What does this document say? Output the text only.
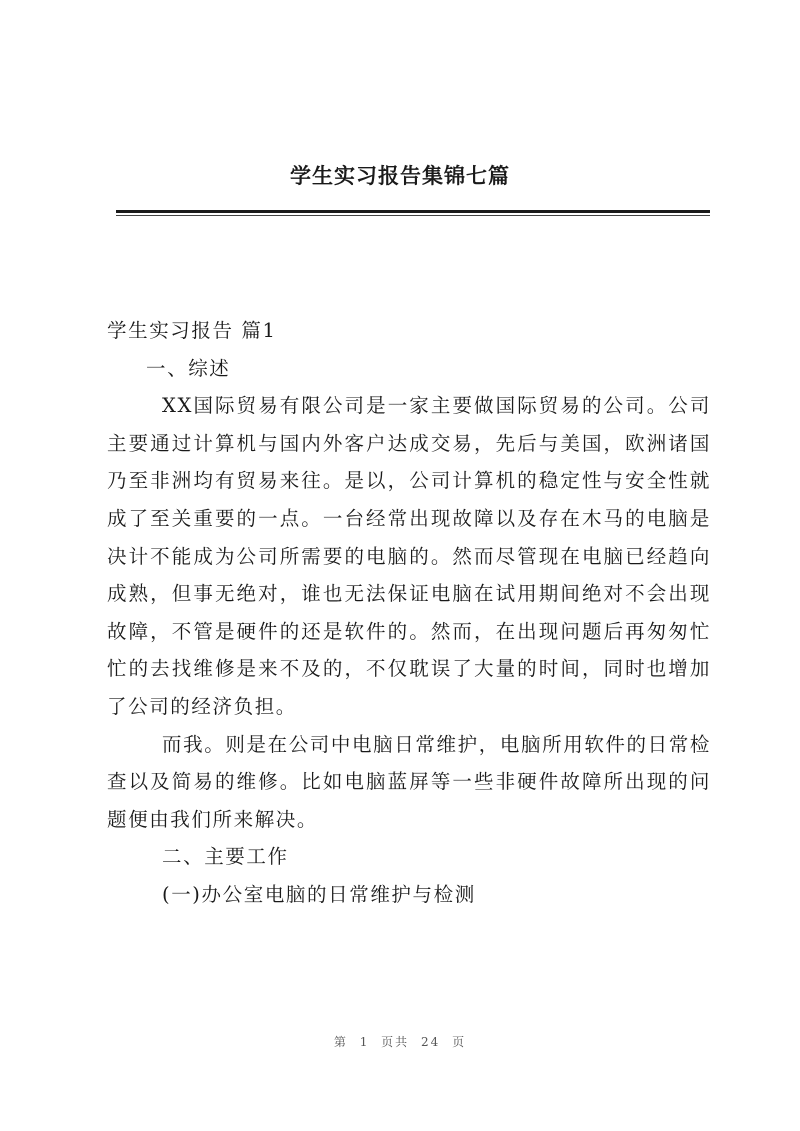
学生实习报告集锦七篇

学生实习报告 篇1

一、综述

XX国际贸易有限公司是一家主要做国际贸易的公司。公司主要通过计算机与国内外客户达成交易，先后与美国，欧洲诸国乃至非洲均有贸易来往。是以，公司计算机的稳定性与安全性就成了至关重要的一点。一台经常出现故障以及存在木马的电脑是决计不能成为公司所需要的电脑的。然而尽管现在电脑已经趋向成熟，但事无绝对，谁也无法保证电脑在试用期间绝对不会出现故障，不管是硬件的还是软件的。然而，在出现问题后再匆匆忙忙的去找维修是来不及的，不仅耽误了大量的时间，同时也增加了公司的经济负担。

而我。则是在公司中电脑日常维护，电脑所用软件的日常检查以及简易的维修。比如电脑蓝屏等一些非硬件故障所出现的问题便由我们所来解决。

二、主要工作

(一)办公室电脑的日常维护与检测

第 1 页共 24 页
